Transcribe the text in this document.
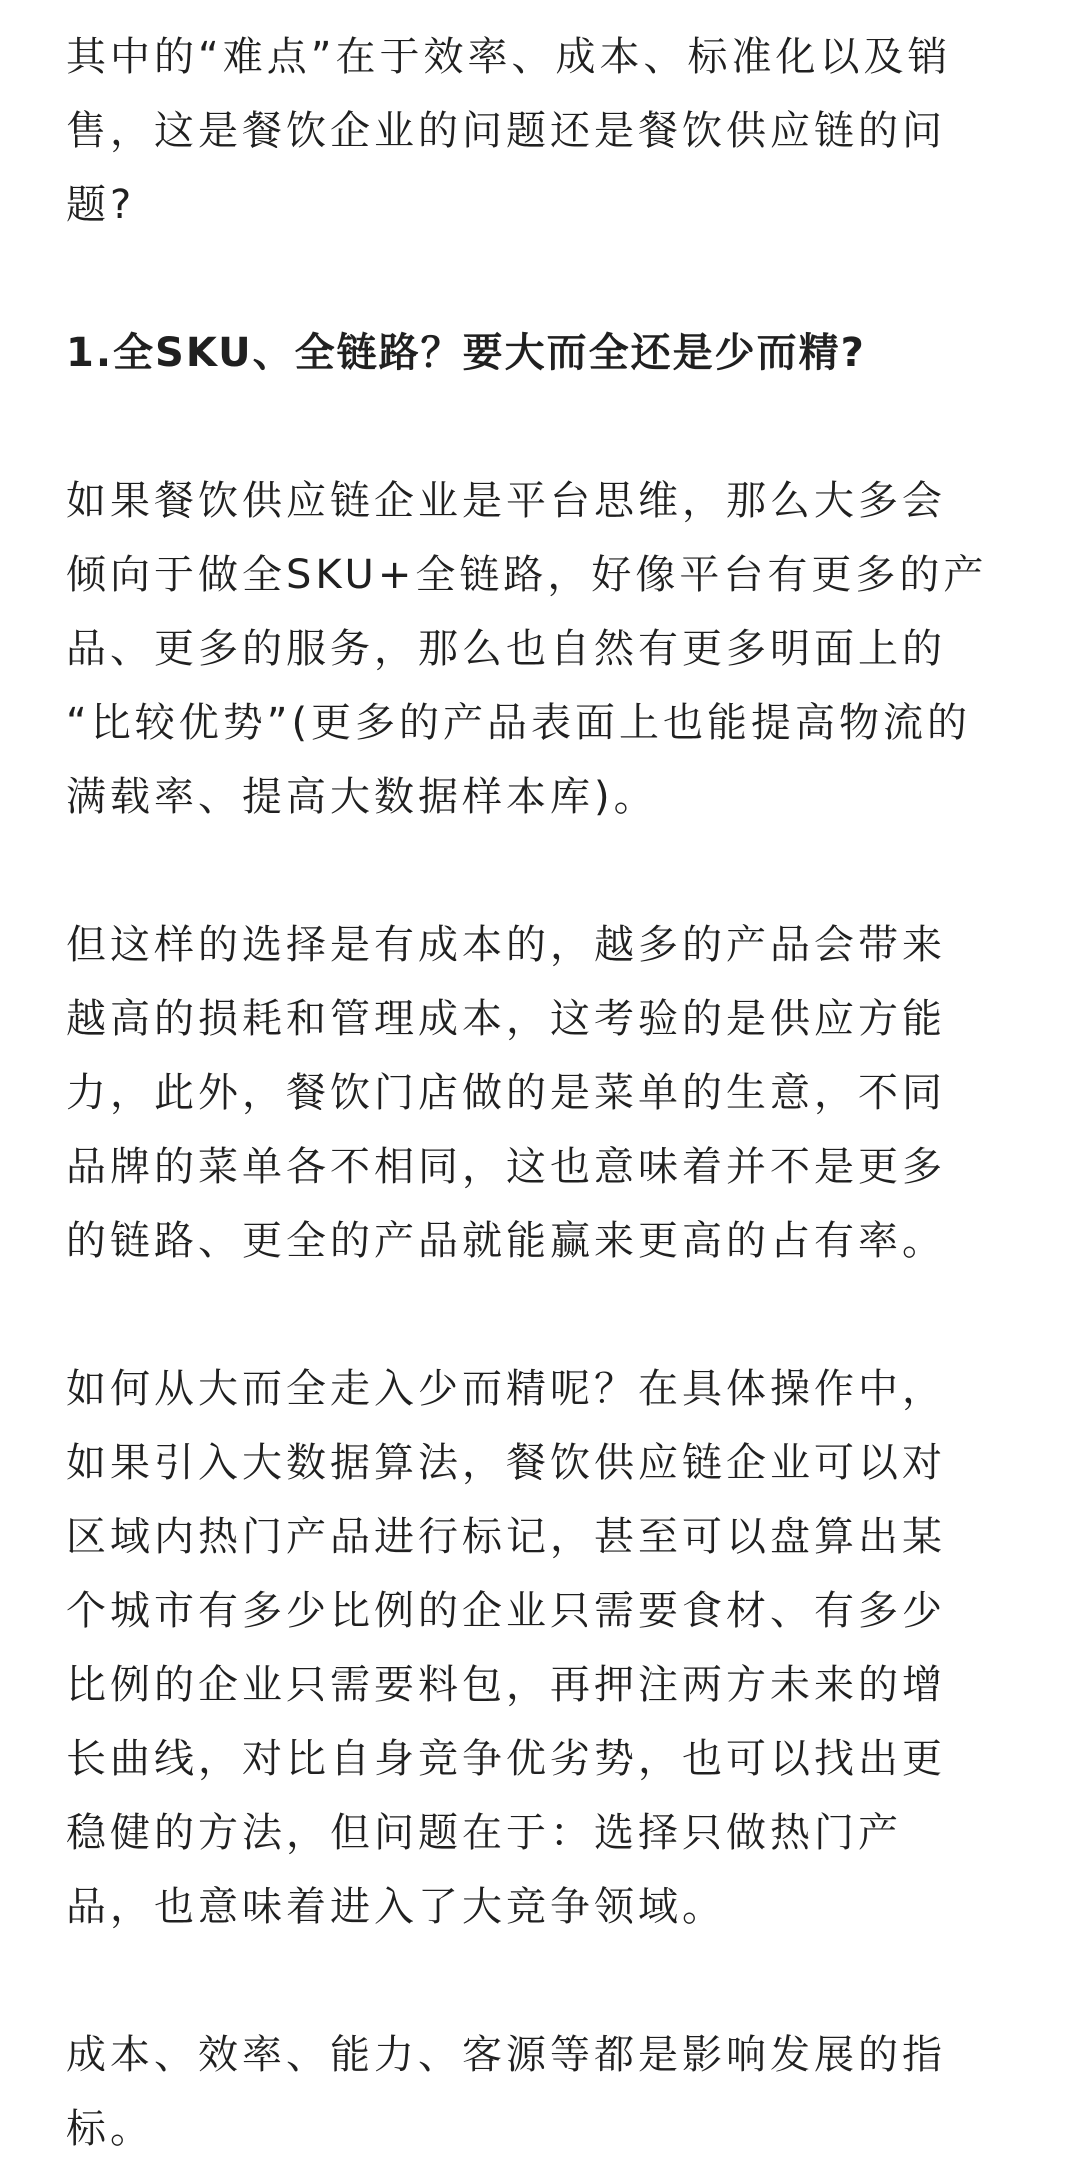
其中的“难点”在于效率、成本、标准化以及销
售，这是餐饮企业的问题还是餐饮供应链的问
题?
1.全SKU、全链路？要大而全还是少而精?
如果餐饮供应链企业是平台思维，那么大多会
倾向于做全SKU+全链路，好像平台有更多的产
品、更多的服务，那么也自然有更多明面上的
“比较优势”(更多的产品表面上也能提高物流的
满载率、提高大数据样本库)。
但这样的选择是有成本的，越多的产品会带来
越高的损耗和管理成本，这考验的是供应方能
力，此外，餐饮门店做的是菜单的生意，不同
品牌的菜单各不相同，这也意味着并不是更多
的链路、更全的产品就能赢来更高的占有率。
如何从大而全走入少而精呢？在具体操作中，
如果引入大数据算法，餐饮供应链企业可以对
区域内热门产品进行标记，甚至可以盘算出某
个城市有多少比例的企业只需要食材、有多少
比例的企业只需要料包，再押注两方未来的增
长曲线，对比自身竞争优劣势，也可以找出更
稳健的方法，但问题在于：选择只做热门产
品，也意味着进入了大竞争领域。
成本、效率、能力、客源等都是影响发展的指
标。
